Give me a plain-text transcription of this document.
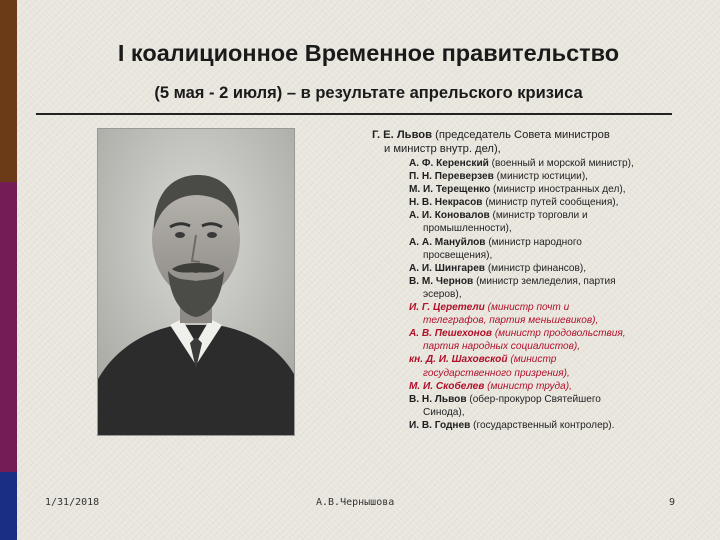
I коалиционное Временное правительство
(5 мая - 2 июля) – в результате апрельского кризиса
Г. Е. Львов (председатель Совета министров
и министр внутр. дел),
А. Ф. Керенский (военный и морской министр),
П. Н. Переверзев (министр юстиции),
М. И. Терещенко (министр иностранных дел),
Н. В. Некрасов (министр путей сообщения),
А. И. Коновалов (министр торговли и
промышленности),
А. А. Мануйлов (министр народного
просвещения),
А. И. Шингарев (министр финансов),
В. М. Чернов (министр земледелия, партия
эсеров),
И. Г. Церетели (министр почт и
телеграфов, партия меньшевиков),
А. В. Пешехонов (министр продовольствия,
партия народных социалистов),
кн. Д. И. Шаховской (министр
государственного призрения),
М. И. Скобелев (министр труда),
В. Н. Львов (обер-прокурор Святейшего
Синода),
И. В. Годнев (государственный контролер).
1/31/2018	А.В.Чернышова	9
